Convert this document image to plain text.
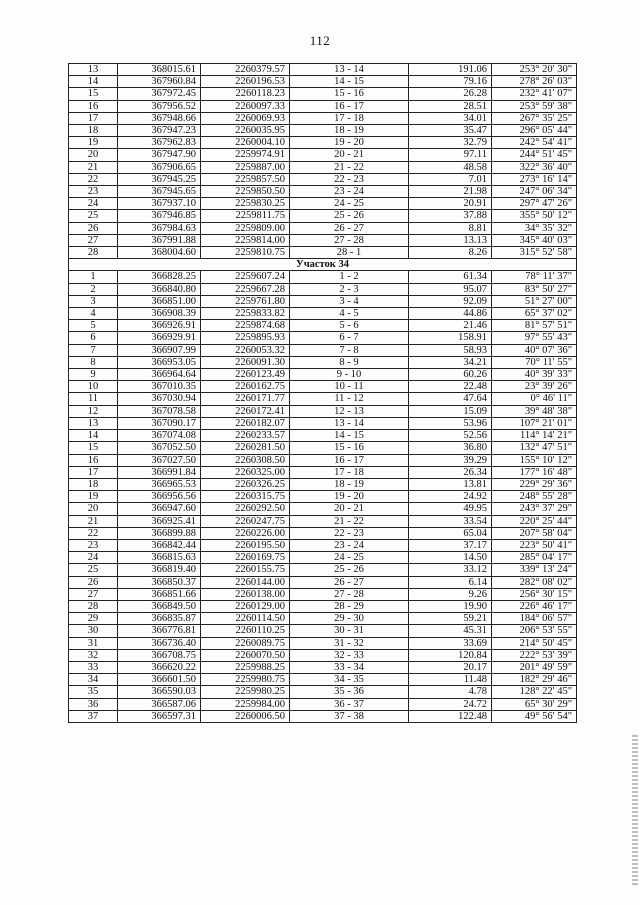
112
13	368015.61	2260379.57	13 - 14	191.06	253° 20' 30"
14	367960.84	2260196.53	14 - 15	79.16	278° 26' 03"
15	367972.45	2260118.23	15 - 16	26.28	232° 41' 07"
16	367956.52	2260097.33	16 - 17	28.51	253° 59' 38"
17	367948.66	2260069.93	17 - 18	34.01	267° 35' 25"
18	367947.23	2260035.95	18 - 19	35.47	296° 05' 44"
19	367962.83	2260004.10	19 - 20	32.79	242° 54' 41"
20	367947.90	2259974.91	20 - 21	97.11	244° 51' 45"
21	367906.65	2259887.00	21 - 22	48.58	322° 36' 40"
22	367945.25	2259857.50	22 - 23	7.01	273° 16' 14"
23	367945.65	2259850.50	23 - 24	21.98	247° 06' 34"
24	367937.10	2259830.25	24 - 25	20.91	297° 47' 26"
25	367946.85	2259811.75	25 - 26	37.88	355° 50' 12"
26	367984.63	2259809.00	26 - 27	8.81	34° 35' 32"
27	367991.88	2259814.00	27 - 28	13.13	345° 40' 03"
28	368004.60	2259810.75	28 - 1	8.26	315° 52' 58"
Участок 34					
1	366828.25	2259607.24	1 - 2	61.34	78° 11' 37"
2	366840.80	2259667.28	2 - 3	95.07	83° 50' 27"
3	366851.00	2259761.80	3 - 4	92.09	51° 27' 00"
4	366908.39	2259833.82	4 - 5	44.86	65° 37' 02"
5	366926.91	2259874.68	5 - 6	21.46	81° 57' 51"
6	366929.91	2259895.93	6 - 7	158.91	97° 55' 43"
7	366907.99	2260053.32	7 - 8	58.93	40° 07' 36"
8	366953.05	2260091.30	8 - 9	34.21	70° 11' 55"
9	366964.64	2260123.49	9 - 10	60.26	40° 39' 33"
10	367010.35	2260162.75	10 - 11	22.48	23° 39' 26"
11	367030.94	2260171.77	11 - 12	47.64	0° 46' 11"
12	367078.58	2260172.41	12 - 13	15.09	39° 48' 38"
13	367090.17	2260182.07	13 - 14	53.96	107° 21' 01"
14	367074.08	2260233.57	14 - 15	52.56	114° 14' 21"
15	367052.50	2260281.50	15 - 16	36.80	132° 47' 51"
16	367027.50	2260308.50	16 - 17	39.29	155° 10' 12"
17	366991.84	2260325.00	17 - 18	26.34	177° 16' 48"
18	366965.53	2260326.25	18 - 19	13.81	229° 29' 36"
19	366956.56	2260315.75	19 - 20	24.92	248° 55' 28"
20	366947.60	2260292.50	20 - 21	49.95	243° 37' 29"
21	366925.41	2260247.75	21 - 22	33.54	220° 25' 44"
22	366899.88	2260226.00	22 - 23	65.04	207° 58' 04"
23	366842.44	2260195.50	23 - 24	37.17	223° 50' 41"
24	366815.63	2260169.75	24 - 25	14.50	285° 04' 17"
25	366819.40	2260155.75	25 - 26	33.12	339° 13' 24"
26	366850.37	2260144.00	26 - 27	6.14	282° 08' 02"
27	366851.66	2260138.00	27 - 28	9.26	256° 30' 15"
28	366849.50	2260129.00	28 - 29	19.90	226° 46' 17"
29	366835.87	2260114.50	29 - 30	59.21	184° 06' 57"
30	366776.81	2260110.25	30 - 31	45.31	206° 53' 55"
31	366736.40	2260089.75	31 - 32	33.69	214° 50' 45"
32	366708.75	2260070.50	32 - 33	120.84	222° 53' 39"
33	366620.22	2259988.25	33 - 34	20.17	201° 49' 59"
34	366601.50	2259980.75	34 - 35	11.48	182° 29' 46"
35	366590.03	2259980.25	35 - 36	4.78	128° 22' 45"
36	366587.06	2259984.00	36 - 37	24.72	65° 30' 29"
37	366597.31	2260006.50	37 - 38	122.48	49° 56' 54"
